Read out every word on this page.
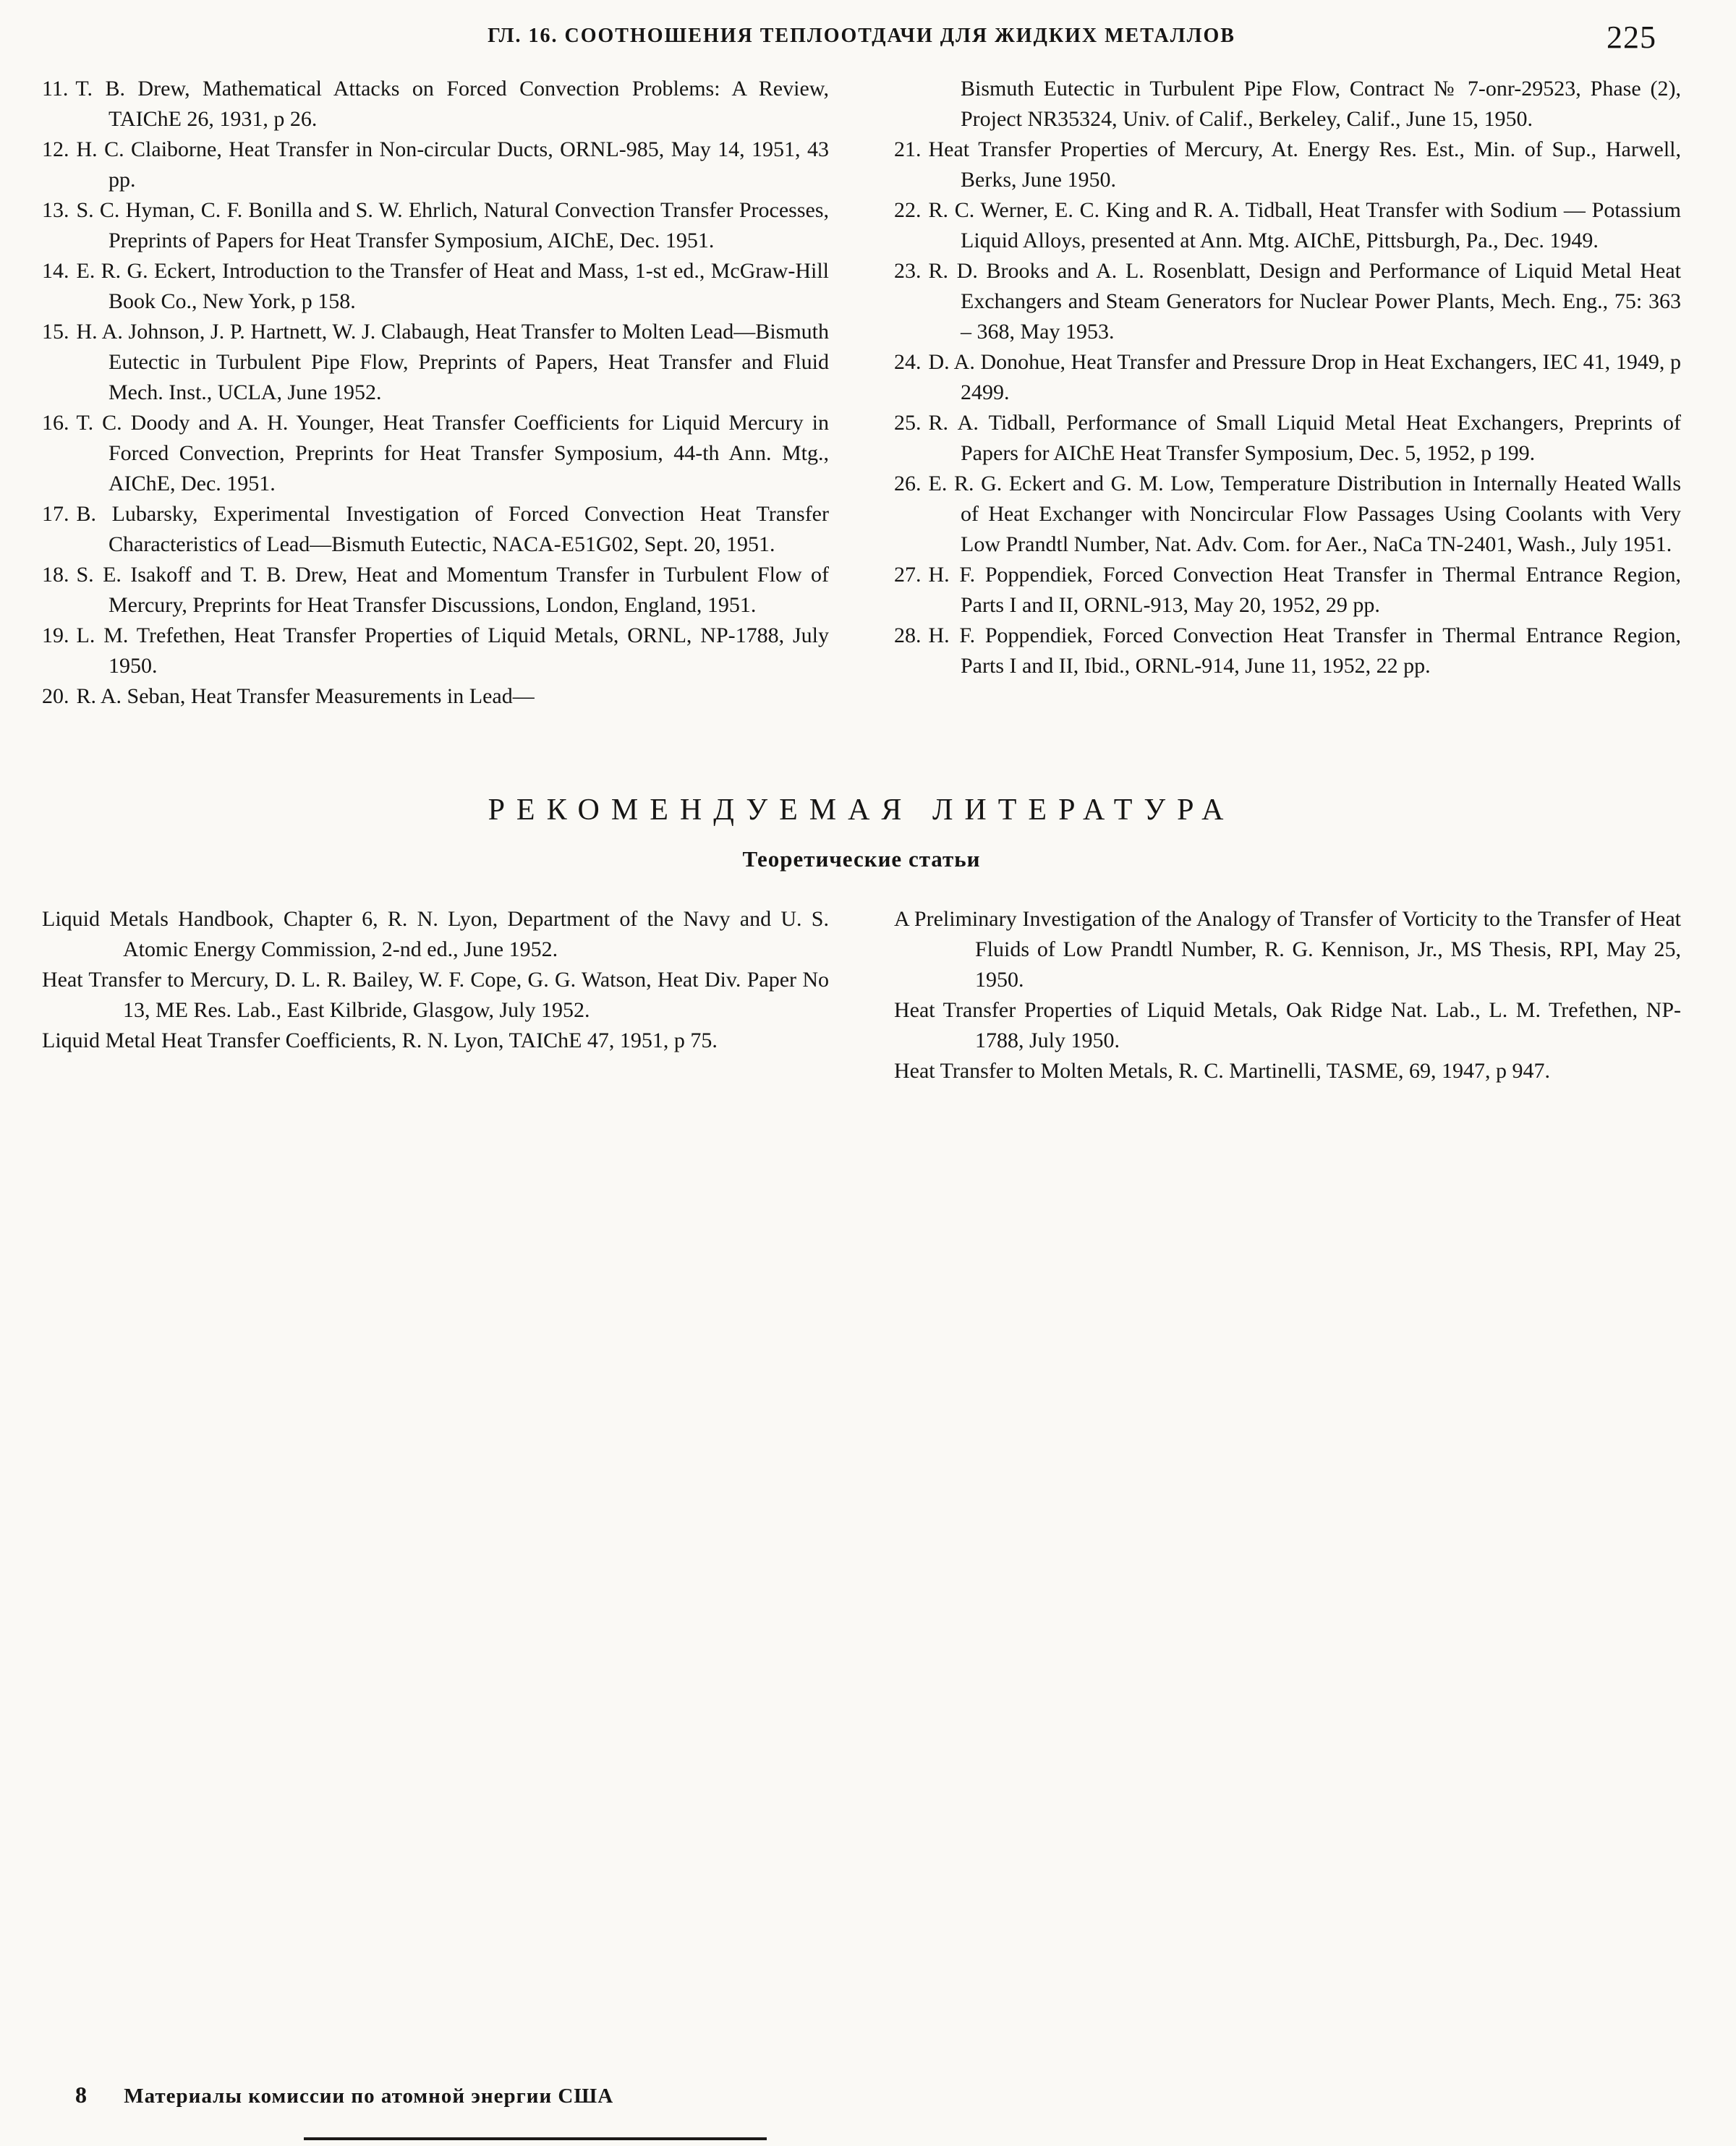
ГЛ. 16. СООТНОШЕНИЯ ТЕПЛООТДАЧИ ДЛЯ ЖИДКИХ МЕТАЛЛОВ	225
11. T. B. Drew, Mathematical Attacks on Forced Convection Problems: A Review, TAIChE 26, 1931, p 26.
12. H. C. Claiborne, Heat Transfer in Non-circular Ducts, ORNL-985, May 14, 1951, 43 pp.
13. S. C. Hyman, C. F. Bonilla and S. W. Ehrlich, Natural Convection Transfer Processes, Preprints of Papers for Heat Transfer Symposium, AIChE, Dec. 1951.
14. E. R. G. Eckert, Introduction to the Transfer of Heat and Mass, 1-st ed., McGraw-Hill Book Co., New York, p 158.
15. H. A. Johnson, J. P. Hartnett, W. J. Clabaugh, Heat Transfer to Molten Lead—Bismuth Eutectic in Turbulent Pipe Flow, Preprints of Papers, Heat Transfer and Fluid Mech. Inst., UCLA, June 1952.
16. T. C. Doody and A. H. Younger, Heat Transfer Coefficients for Liquid Mercury in Forced Convection, Preprints for Heat Transfer Symposium, 44-th Ann. Mtg., AIChE, Dec. 1951.
17. B. Lubarsky, Experimental Investigation of Forced Convection Heat Transfer Characteristics of Lead—Bismuth Eutectic, NACA-E51G02, Sept. 20, 1951.
18. S. E. Isakoff and T. B. Drew, Heat and Momentum Transfer in Turbulent Flow of Mercury, Preprints for Heat Transfer Discussions, London, England, 1951.
19. L. M. Trefethen, Heat Transfer Properties of Liquid Metals, ORNL, NP-1788, July 1950.
20. R. A. Seban, Heat Transfer Measurements in Lead—
Bismuth Eutectic in Turbulent Pipe Flow, Contract № 7-onr-29523, Phase (2), Project NR35324, Univ. of Calif., Berkeley, Calif., June 15, 1950.
21. Heat Transfer Properties of Mercury, At. Energy Res. Est., Min. of Sup., Harwell, Berks, June 1950.
22. R. C. Werner, E. C. King and R. A. Tidball, Heat Transfer with Sodium — Potassium Liquid Alloys, presented at Ann. Mtg. AIChE, Pittsburgh, Pa., Dec. 1949.
23. R. D. Brooks and A. L. Rosenblatt, Design and Performance of Liquid Metal Heat Exchangers and Steam Generators for Nuclear Power Plants, Mech. Eng., 75: 363 – 368, May 1953.
24. D. A. Donohue, Heat Transfer and Pressure Drop in Heat Exchangers, IEC 41, 1949, p 2499.
25. R. A. Tidball, Performance of Small Liquid Metal Heat Exchangers, Preprints of Papers for AIChE Heat Transfer Symposium, Dec. 5, 1952, p 199.
26. E. R. G. Eckert and G. M. Low, Temperature Distribution in Internally Heated Walls of Heat Exchanger with Noncircular Flow Passages Using Coolants with Very Low Prandtl Number, Nat. Adv. Com. for Aer., NaCa TN-2401, Wash., July 1951.
27. H. F. Poppendiek, Forced Convection Heat Transfer in Thermal Entrance Region, Parts I and II, ORNL-913, May 20, 1952, 29 pp.
28. H. F. Poppendiek, Forced Convection Heat Transfer in Thermal Entrance Region, Parts I and II, Ibid., ORNL-914, June 11, 1952, 22 pp.
РЕКОМЕНДУЕМАЯ ЛИТЕРАТУРА
Теоретические статьи
Liquid Metals Handbook, Chapter 6, R. N. Lyon, Department of the Navy and U. S. Atomic Energy Commission, 2-nd ed., June 1952.
Heat Transfer to Mercury, D. L. R. Bailey, W. F. Cope, G. G. Watson, Heat Div. Paper No 13, ME Res. Lab., East Kilbride, Glasgow, July 1952.
Liquid Metal Heat Transfer Coefficients, R. N. Lyon, TAIChE 47, 1951, p 75.
A Preliminary Investigation of the Analogy of Transfer of Vorticity to the Transfer of Heat Fluids of Low Prandtl Number, R. G. Kennison, Jr., MS Thesis, RPI, May 25, 1950.
Heat Transfer Properties of Liquid Metals, Oak Ridge Nat. Lab., L. M. Trefethen, NP-1788, July 1950.
Heat Transfer to Molten Metals, R. C. Martinelli, TASME, 69, 1947, p 947.
8 Материалы комиссии по атомной энергии США
